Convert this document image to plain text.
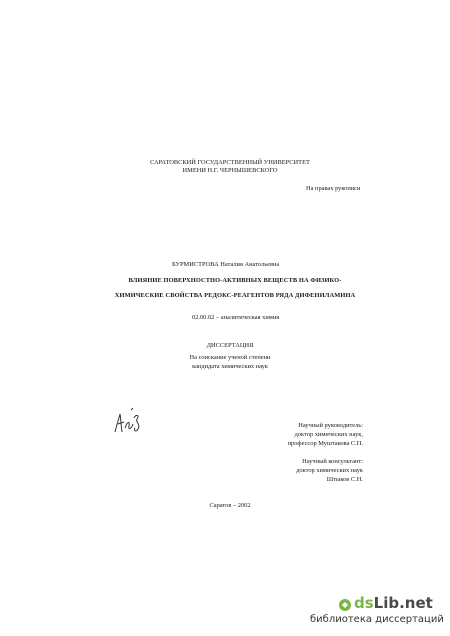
САРАТОВСКИЙ ГОСУДАРСТВЕННЫЙ УНИВЕРСИТЕТ
ИМЕНИ Н.Г. ЧЕРНЫШЕВСКОГО
На правах рукописи
БУРМИСТРОВА Наталия Анатольевна
ВЛИЯНИЕ ПОВЕРХНОСТНО-АКТИВНЫХ ВЕЩЕСТВ НА ФИЗИКО-
ХИМИЧЕСКИЕ СВОЙСТВА РЕДОКС-РЕАГЕНТОВ РЯДА ДИФЕНИЛАМИНА
02.00.02 – аналитическая химия
ДИССЕРТАЦИЯ
На соискание ученой степени
кандидата химических наук
Научный руководитель:
доктор химических наук,
профессор Муштакова С.П.
Научный консультант:
доктор химических наук
Штыков С.Н.
Саратов – 2002
dsLib.net
библиотека диссертаций
